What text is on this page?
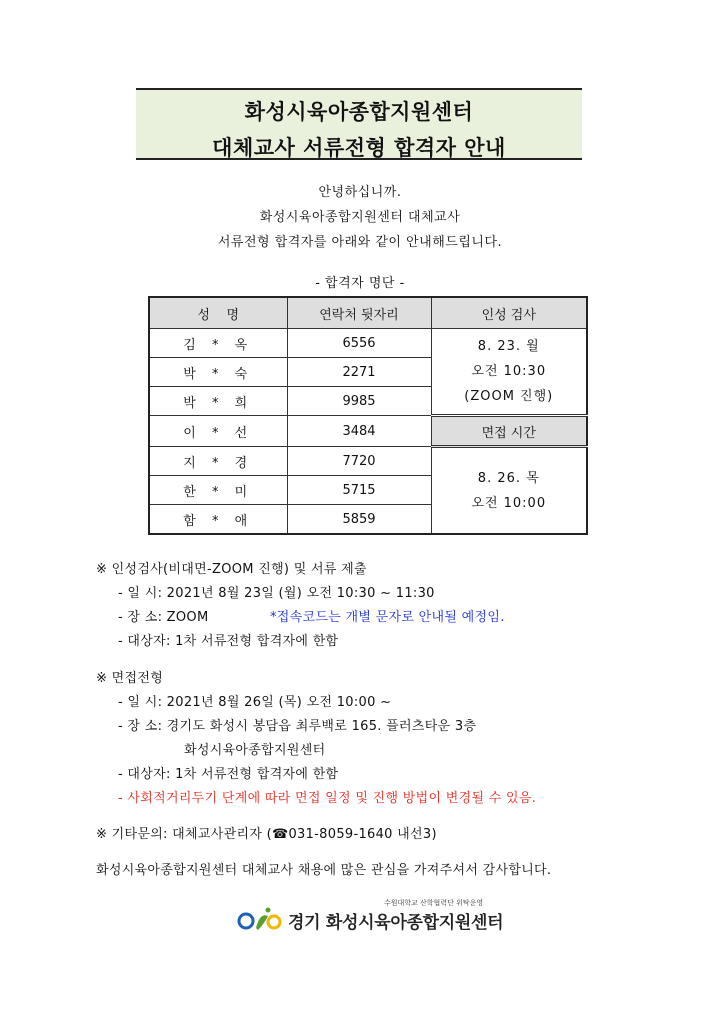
화성시육아종합지원센터
대체교사 서류전형 합격자 안내
안녕하십니까.
화성시육아종합지원센터 대체교사
서류전형 합격자를 아래와 같이 안내해드립니다.
- 합격자 명단 -
성    명	연락처 뒷자리	인성 검사
김 * 옥	6556	8. 23. 월
오전 10:30
(ZOOM 진행)

박 * 숙	2271	
박 * 희	9985	
이 * 선	3484	면접 시간
지 * 경	7720	8. 26. 목
오전 10:00

한 * 미	5715	
함 * 애	5859	
※ 인성검사(비대면-ZOOM 진행) 및 서류 제출
- 일 시: 2021년 8월 23일 (월) 오전 10:30 ~ 11:30
- 장 소: ZOOM	*접속코드는 개별 문자로 안내될 예정임.
- 대상자: 1차 서류전형 합격자에 한함
※ 면접전형
- 일 시: 2021년 8월 26일 (목) 오전 10:00 ~
- 장 소: 경기도 화성시 봉담읍 최루백로 165. 플러츠타운 3층
화성시육아종합지원센터
- 대상자: 1차 서류전형 합격자에 한함
- 사회적거리두기 단계에 따라 면접 일정 및 진행 방법이 변경될 수 있음.
※ 기타문의: 대체교사관리자 (☎031-8059-1640 내선3)
화성시육아종합지원센터 대체교사 채용에 많은 관심을 가져주셔서 감사합니다.
수원대학교 산학협력단 위탁운영
경기 화성시육아종합지원센터
